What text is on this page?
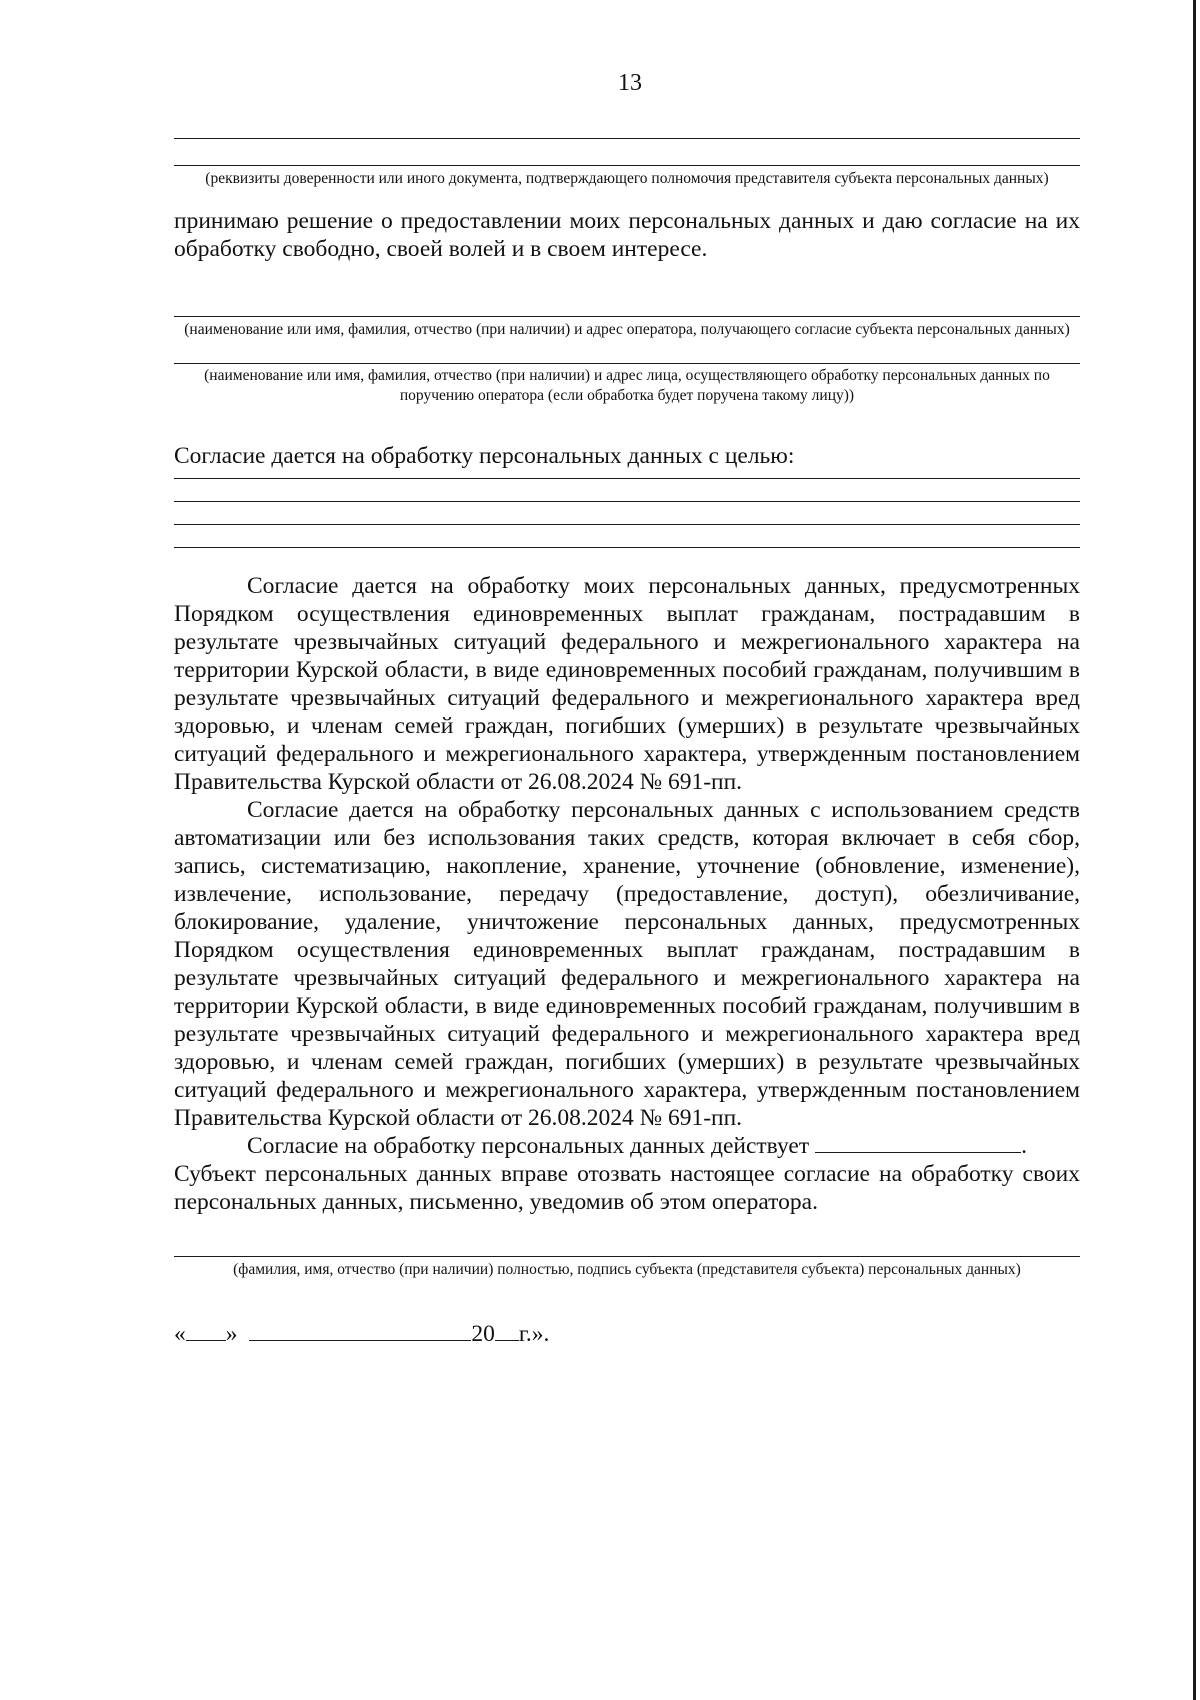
13
(реквизиты доверенности или иного документа, подтверждающего полномочия представителя субъекта персональных данных)
принимаю решение о предоставлении моих персональных данных и даю согласие на их обработку свободно, своей волей и в своем интересе.
(наименование или имя, фамилия, отчество (при наличии) и адрес оператора, получающего согласие субъекта персональных данных)
(наименование или имя, фамилия, отчество (при наличии) и адрес лица, осуществляющего обработку персональных данных по поручению оператора (если обработка будет поручена такому лицу))
Согласие дается на обработку персональных данных с целью:

Согласие дается на обработку моих персональных данных, предусмотренных Порядком осуществления единовременных выплат гражданам, пострадавшим в результате чрезвычайных ситуаций федерального и межрегионального характера на территории Курской области, в виде единовременных пособий гражданам, получившим в результате чрезвычайных ситуаций федерального и межрегионального характера вред здоровью, и членам семей граждан, погибших (умерших) в результате чрезвычайных ситуаций федерального и межрегионального характера, утвержденным постановлением Правительства Курской области от 26.08.2024 № 691-пп.

Согласие дается на обработку персональных данных с использованием средств автоматизации или без использования таких средств, которая включает в себя сбор, запись, систематизацию, накопление, хранение, уточнение (обновление, изменение), извлечение, использование, передачу (предоставление, доступ), обезличивание, блокирование, удаление, уничтожение персональных данных, предусмотренных Порядком осуществления единовременных выплат гражданам, пострадавшим в результате чрезвычайных ситуаций федерального и межрегионального характера на территории Курской области, в виде единовременных пособий гражданам, получившим в результате чрезвычайных ситуаций федерального и межрегионального характера вред здоровью, и членам семей граждан, погибших (умерших) в результате чрезвычайных ситуаций федерального и межрегионального характера, утвержденным постановлением Правительства Курской области от 26.08.2024 № 691-пп.

Согласие на обработку персональных данных действует	.

Субъект персональных данных вправе отозвать настоящее согласие на обработку своих персональных данных, письменно, уведомив об этом оператора.

(фамилия, имя, отчество (при наличии) полностью, подпись субъекта (представителя субъекта) персональных данных)
« »	20 г.».
